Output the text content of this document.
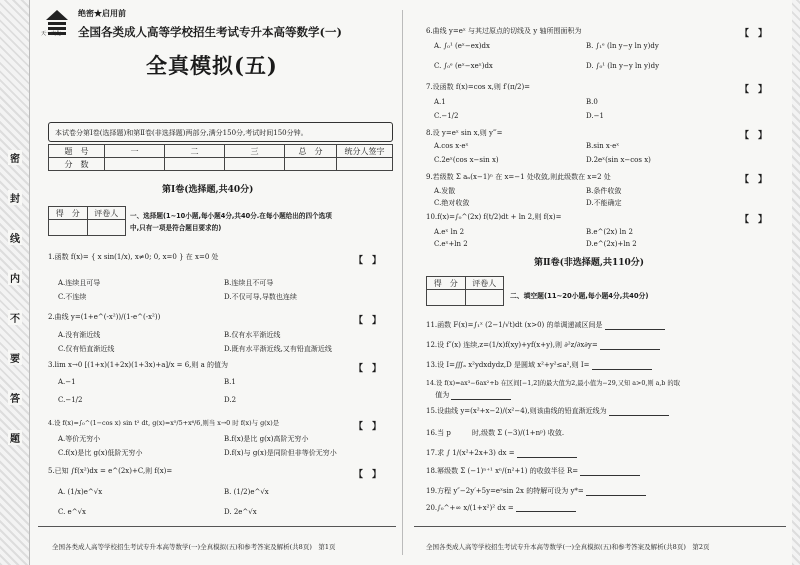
密
封
线
内
不
要
答
题
天一文化
绝密★启用前
全国各类成人高等学校招生考试专升本高等数学(一)
全真模拟(五)
本试卷分第Ⅰ卷(选择题)和第Ⅱ卷(非选择题)两部分,满分150分,考试时间150分钟。
题　号	一	二	三	总　分	统分人签字
分　数					
第Ⅰ卷(选择题,共40分)
得　分	评卷人
	一、选择题(1~10小题,每小题4分,共40分.在每小题给出的四个选项
中,只有一项是符合题目要求的)
1.函数 f(x)= { x sin(1/x), x≠0; 0, x=0 } 在 x=0 处	【　】
A.连续且可导	B.连续且不可导
C.不连续	D.不仅可导,导数也连续
2.曲线 y=(1+e^(-x²))/(1-e^(-x²))	【　】
A.没有渐近线	B.仅有水平渐近线
C.仅有铅直渐近线	D.既有水平渐近线,又有铅直渐近线
3.lim x→0 [(1+x)(1+2x)(1+3x)+a]/x = 6,则 a 的值为	【　】
A.−1	B.1
C.−1/2	D.2
4.设 f(x)=∫₀^(1−cos x) sin t² dt, g(x)=x⁵/5+x⁶/6,则当 x→0 时 f(x)与 g(x)是	【　】
A.等价无穷小	B.f(x)是比 g(x)高阶无穷小
C.f(x)是比 g(x)低阶无穷小	D.f(x)与 g(x)是同阶但非等价无穷小
5.已知 ∫f(x²)dx = e^(2x)+C,则 f(x)=	【　】
A. (1/x)e^√x	B. (1/2)e^√x
C. e^√x	D. 2e^√x
全国各类成人高等学校招生考试专升本高等数学(一)全真模拟(五)和参考答案及解析(共8页)　第1页
6.曲线 y=eˣ 与其过原点的切线及 y 轴所围面积为	【　】
A. ∫₀¹ (eˣ−ex)dx	B. ∫₁ᵉ (ln y−y ln y)dy
C. ∫₀ᵉ (eˣ−xeˣ)dx	D. ∫₀¹ (ln y−y ln y)dy
7.设函数 f(x)=cos x,则 f′(π/2)=	【　】
A.1	B.0
C.−1/2	D.−1
8.设 y=eˣ sin x,则 y‴=	【　】
A.cos x·eˣ	B.sin x·eˣ
C.2eˣ(cos x−sin x)	D.2eˣ(sin x−cos x)
9.若级数 Σ aₙ(x−1)ⁿ 在 x=−1 处收敛,则此级数在 x=2 处	【　】
A.发散	B.条件收敛
C.绝对收敛	D.不能确定
10.f(x)=∫₀^(2x) f(t/2)dt + ln 2,则 f(x)=	【　】
A.eˣ ln 2	B.e^(2x) ln 2
C.eˣ+ln 2	D.e^(2x)+ln 2
第Ⅱ卷(非选择题,共110分)
得　分	评卷人

二、填空题(11~20小题,每小题4分,共40分)
11.函数 F(x)=∫₁ˣ (2−1/√t)dt (x>0) 的单调递减区间是
12.设 f″(x) 连续,z=(1/x)f(xy)+yf(x+y),则 ∂²z/∂x∂y=
13.设 I=∭ₐ x²ydxdydz,D 是圆域 x²+y²≤a²,则 I=
14.设 f(x)=ax³−6ax²+b 在区间[−1,2]的最大值为2,最小值为−29,又知 a>0,则 a,b 的取
　 值为
15.设曲线 y=(x²+x−2)/(x²−4),则该曲线的铅直渐近线为
16.当 p　　　时,级数 Σ (−3)/(1+nᵖ) 收敛.
17.求 ∫ 1/(x²+2x+3) dx =
18.幂级数 Σ (−1)ⁿ⁺¹ xⁿ/(n²+1) 的收敛半径 R=
19.方程 y″−2y′+5y=eˣsin 2x 的特解可设为 y*=
20.∫₀^+∞ x/(1+x²)² dx =
全国各类成人高等学校招生考试专升本高等数学(一)全真模拟(五)和参考答案及解析(共8页)　第2页
